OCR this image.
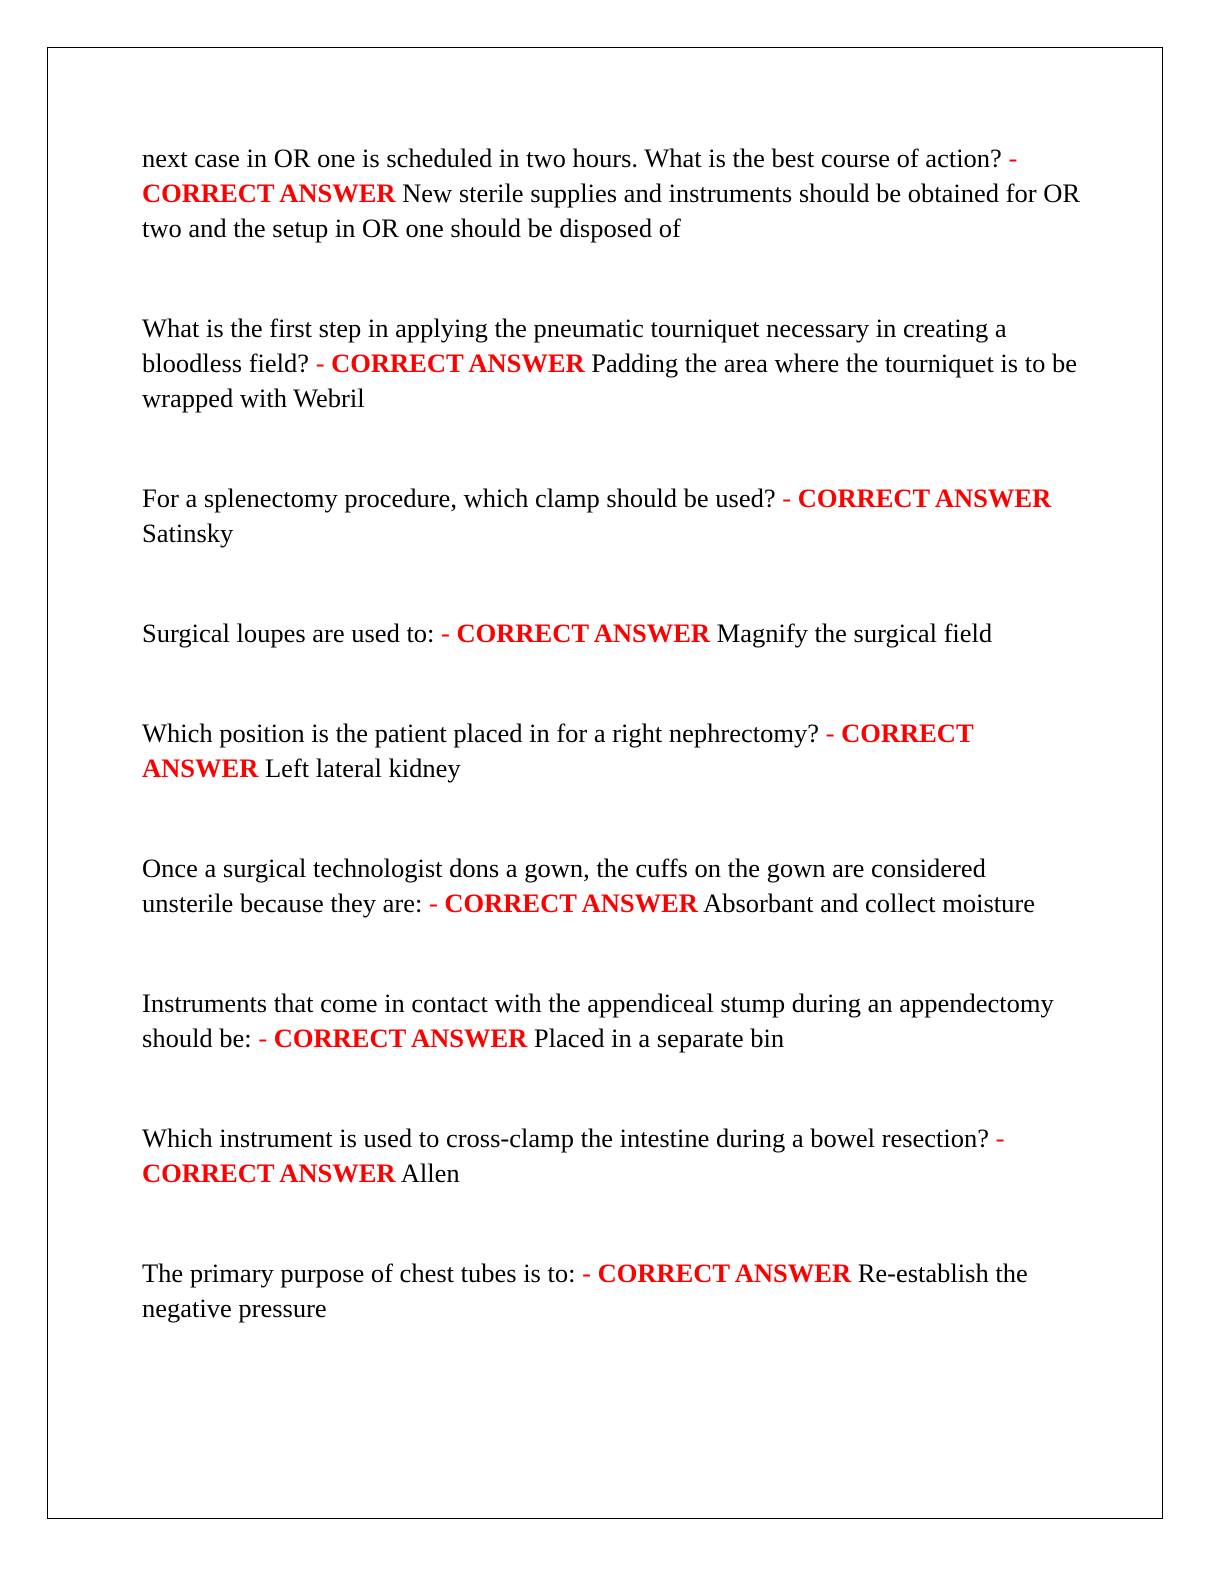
next case in OR one is scheduled in two hours. What is the best course of action? - CORRECT ANSWER New sterile supplies and instruments should be obtained for OR two and the setup in OR one should be disposed of

What is the first step in applying the pneumatic tourniquet necessary in creating a bloodless field? - CORRECT ANSWER Padding the area where the tourniquet is to be wrapped with Webril

For a splenectomy procedure, which clamp should be used? - CORRECT ANSWER Satinsky

Surgical loupes are used to: - CORRECT ANSWER Magnify the surgical field

Which position is the patient placed in for a right nephrectomy? - CORRECT ANSWER Left lateral kidney

Once a surgical technologist dons a gown, the cuffs on the gown are considered unsterile because they are: - CORRECT ANSWER Absorbant and collect moisture

Instruments that come in contact with the appendiceal stump during an appendectomy should be: - CORRECT ANSWER Placed in a separate bin

Which instrument is used to cross-clamp the intestine during a bowel resection? - CORRECT ANSWER Allen

The primary purpose of chest tubes is to: - CORRECT ANSWER Re-establish the negative pressure
